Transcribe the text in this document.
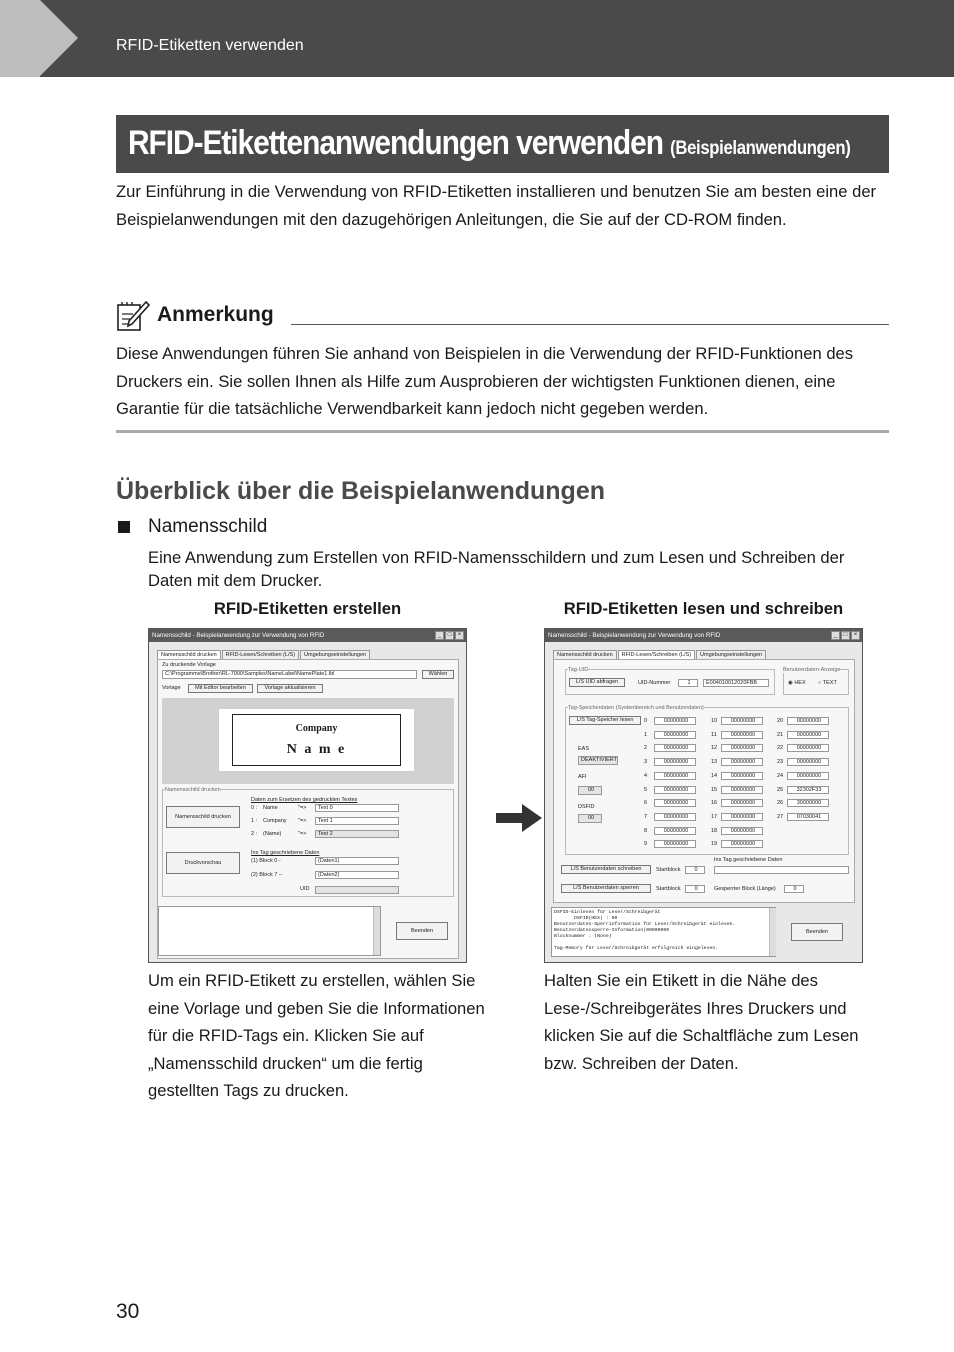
RFID-Etiketten verwenden
RFID-Etikettenanwendungen verwenden (Beispielanwendungen)

Zur Einführung in die Verwendung von RFID-Etiketten installieren und benutzen Sie am besten eine der Beispielanwendungen mit den dazugehörigen Anleitungen, die Sie auf der CD-ROM finden.

Anmerkung

Diese Anwendungen führen Sie anhand von Beispielen in die Verwendung der RFID-Funktionen des Druckers ein. Sie sollen Ihnen als Hilfe zum Ausprobieren der wichtigsten Funktionen dienen, eine Garantie für die tatsächliche Verwendbarkeit kann jedoch nicht gegeben werden.

Überblick über die Beispielanwendungen
Namensschild

Eine Anwendung zum Erstellen von RFID-Namensschildern und zum Lesen und Schreiben der Daten mit dem Drucker.

RFID-Etiketten erstellen	RFID-Etiketten lesen und schreiben
Namensschild - Beispielanwendung zur Verwendung von RFID	_	□	×
Namensschild drucken	RFID-Lesen/Schreiben (L/S)	Umgebungseinstellungen
Zu druckende Vorlage
C:\Programme\Brother\RL-7000\Samples\NameLabel\NamePlate1.lbl	Wählen
Vorlage	Mit Editor bearbeiten	Vorlage aktualisieren
Company
N a m e
Namensschild drucken
Namensschild drucken
Druckvorschau
Daten zum Ersetzen des gedruckten Textes
0 : Name	"=>	Text 0
1 : Company "=>	Text 1
2 : (Name)	"=>	Text 2
Ins Tag geschriebene Daten
(1) Block 0 -	(Daten1)
(2) Block 7 --	(Daten2)
UID

Beenden
Namensschild - Beispielanwendung zur Verwendung von RFID	_	□	×
Namensschild drucken	RFID-Lesen/Schreiben (L/S)	Umgebungseinstellungen
Tag-UID
L/S UID abfragen	UID-Nummer	1	E004010012020FBB
Benutzerdaten-Anzeige
◉ HEX ○ TEXT
Tag-Speicherdaten (Systembereich und Benutzerdaten)
L/S Tag-Speicher lesen
EAS
DEAKTIVIERT
AFI
00
DSFID
00
0	00000000
1	00000000
2	00000000
3	00000000
4	00000000
5	00000000
6	00000000
7	00000000
8	00000000
9	00000000
10	00000000
11	00000000
12	00000000
13	00000000
14	00000000
15	00000000
16	00000000
17	00000000
18	00000000
19	00000000
20	00000000
21	00000000
22	00000000
23	00000000
24	00000000
25	32302F33
26	30000000
27	07030041
L/S Benutzerdaten schreiben	Startblock	0
Ins Tag geschriebene Daten
L/S Benutzerdaten sperren	Startblock	0	Gesperrter Block (Länge)	0
DSFID-Einlesen für Leser/Schreibgerät
DSFID(HEX) : 00
Benutzerdaten-Sperrinformation für Leser/Schreibgerät einlesen.
Benutzerdatensperre-Information(00000000
Blocknummer : (None)

Tag-Memory für Leser/Schreibgerät erfolgreich eingelesen.
Beenden

Um ein RFID-Etikett zu erstellen, wählen Sie eine Vorlage und geben Sie die Informationen für die RFID-Tags ein. Klicken Sie auf „Namensschild drucken“ um die fertig gestellten Tags zu drucken.

Halten Sie ein Etikett in die Nähe des Lese-/Schreibgerätes Ihres Druckers und klicken Sie auf die Schaltfläche zum Lesen bzw. Schreiben der Daten.

30
